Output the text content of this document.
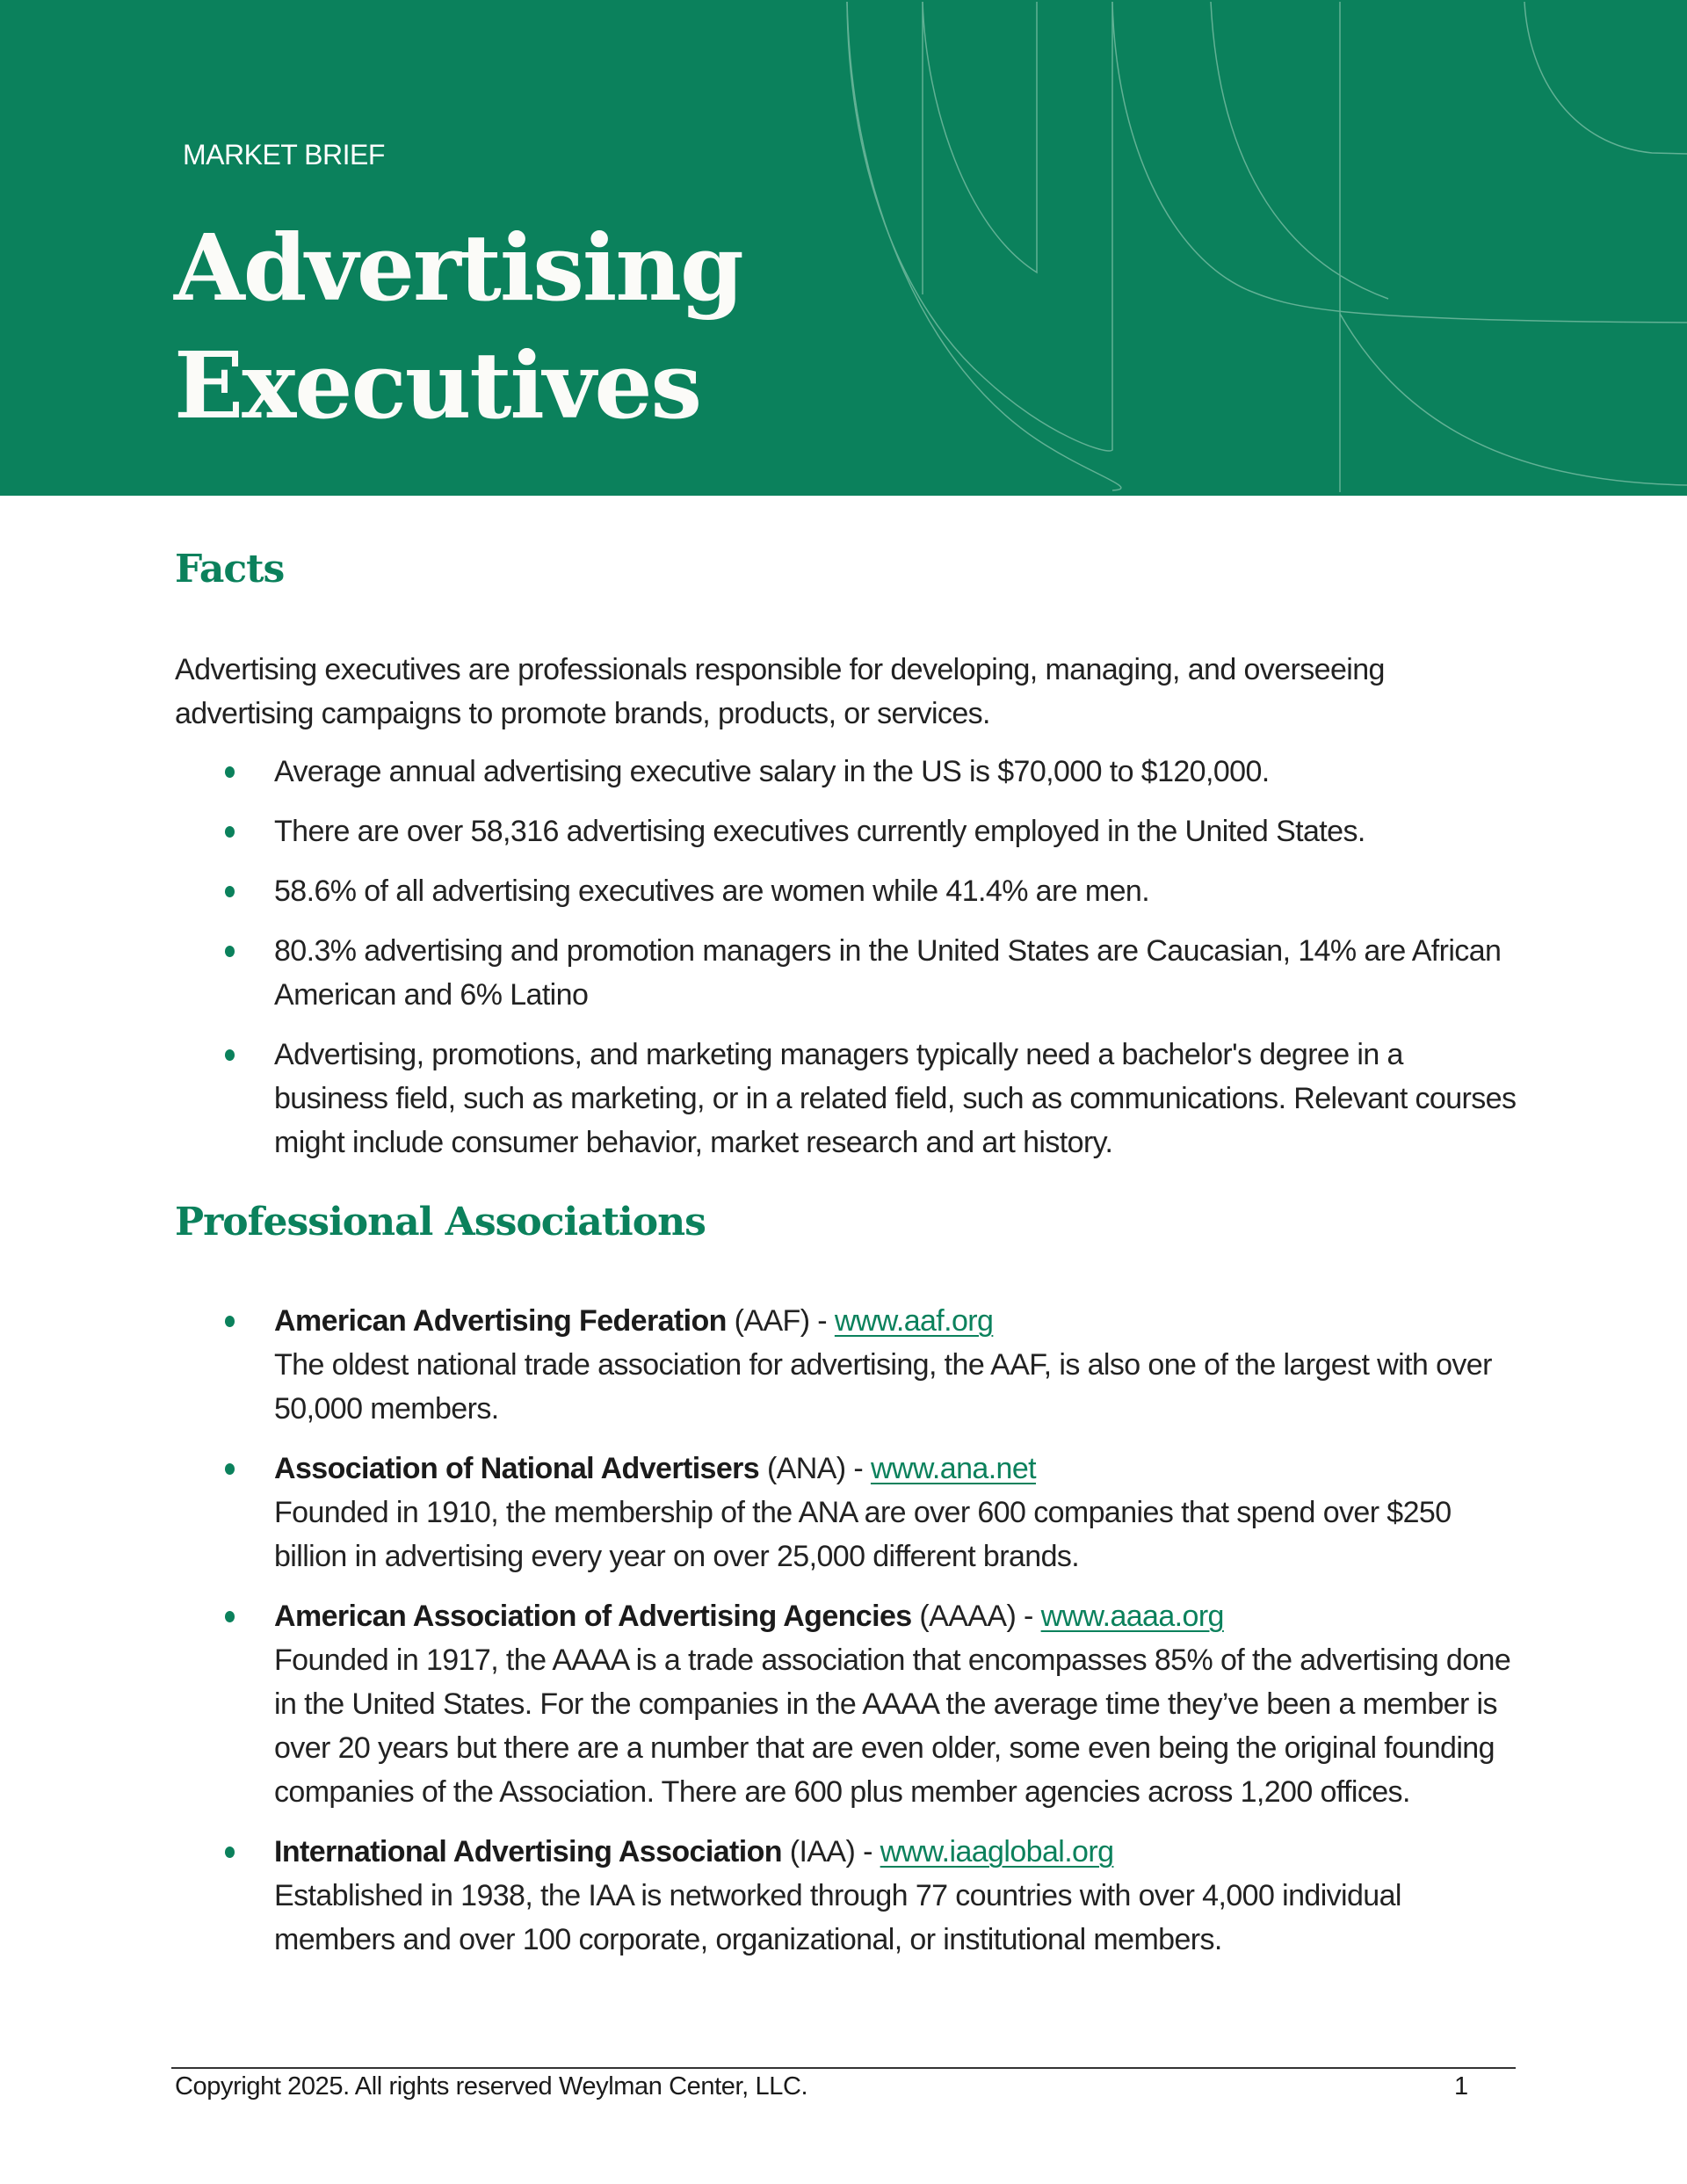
MARKET BRIEF
Advertising
Executives
Facts

Advertising executives are professionals responsible for developing, managing, and overseeing advertising campaigns to promote brands, products, or services.

Average annual advertising executive salary in the US is $70,000 to $120,000.
There are over 58,316 advertising executives currently employed in the United States.
58.6% of all advertising executives are women while 41.4% are men.
80.3% advertising and promotion managers in the United States are Caucasian, 14% are African American and 6% Latino
Advertising, promotions, and marketing managers typically need a bachelor's degree in a business field, such as marketing, or in a related field, such as communications. Relevant courses might include consumer behavior, market research and art history.
Professional Associations
American Advertising Federation (AAF) - www.aaf.org
The oldest national trade association for advertising, the AAF, is also one of the largest with over 50,000 members.
Association of National Advertisers (ANA) - www.ana.net
Founded in 1910, the membership of the ANA are over 600 companies that spend over $250 billion in advertising every year on over 25,000 different brands.
American Association of Advertising Agencies (AAAA) - www.aaaa.org
Founded in 1917, the AAAA is a trade association that encompasses 85% of the advertising done in the United States. For the companies in the AAAA the average time they’ve been a member is over 20 years but there are a number that are even older, some even being the original founding companies of the Association. There are 600 plus member agencies across 1,200 offices.
International Advertising Association (IAA) - www.iaaglobal.org
Established in 1938, the IAA is networked through 77 countries with over 4,000 individual members and over 100 corporate, organizational, or institutional members.
Copyright 2025. All rights reserved Weylman Center, LLC.	1
